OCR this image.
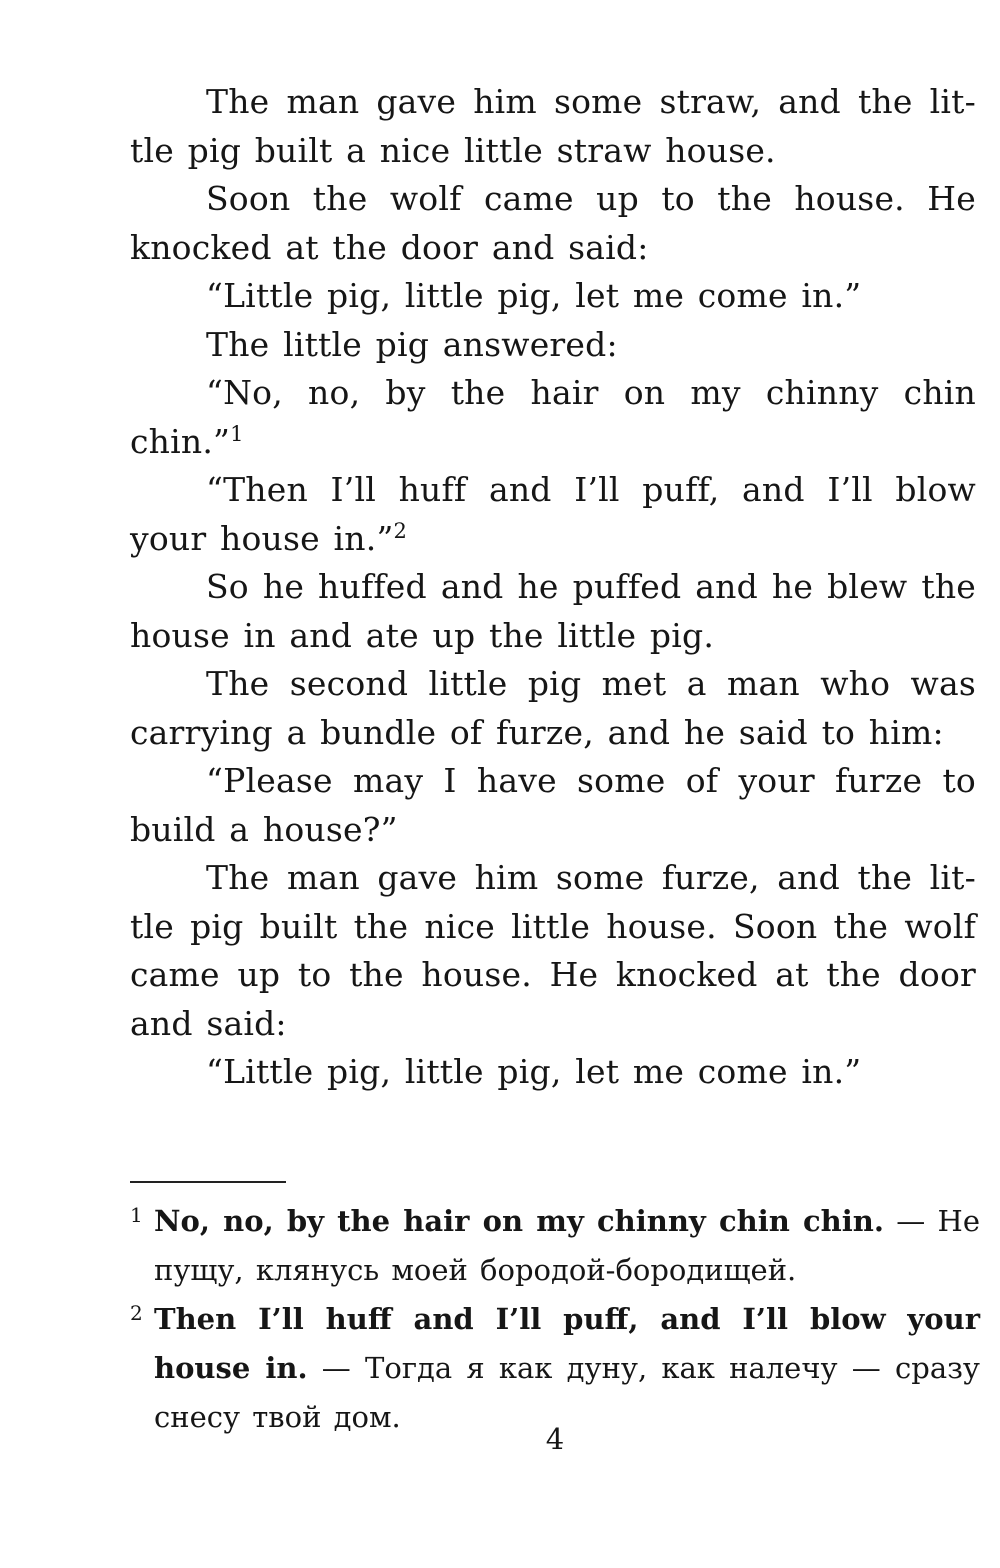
The man gave him some straw, and the lit-tle pig built a nice little straw house.

Soon the wolf came up to the house. He knocked at the door and said:

“Little pig, little pig, let me come in.”

The little pig answered:

“No, no, by the hair on my chinny chin chin.”$^1$

“Then I’ll huff and I’ll puff, and I’ll blow your house in.”$^2$

So he huffed and he puffed and he blew the house in and ate up the little pig.

The second little pig met a man who was carrying a bundle of furze, and he said to him:

“Please may I have some of your furze to build a house?”

The man gave him some furze, and the lit-tle pig built the nice little house. Soon the wolf came up to the house. He knocked at the door and said:

“Little pig, little pig, let me come in.”

1 No, no, by the hair on my chinny chin chin. — Не пущу, клянусь моей бородой-бородищей.

2 Then I’ll huff and I’ll puff, and I’ll blow your house in. — Тогда я как дуну, как налечу — сразу снесу твой дом.

4
